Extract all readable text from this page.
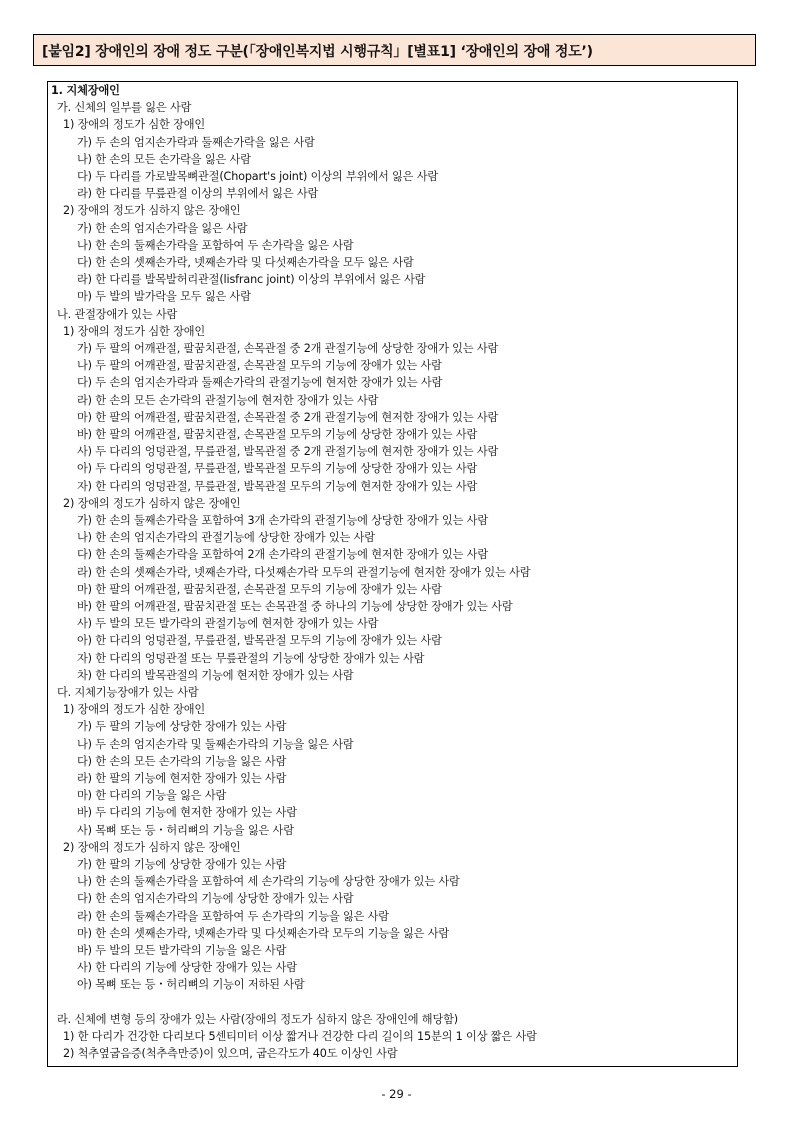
[붙임2] 장애인의 장애 정도 구분(「장애인복지법 시행규칙」[별표1] ‘장애인의 장애 정도’)
1. 지체장애인
가. 신체의 일부를 잃은 사람
1) 장애의 정도가 심한 장애인
가) 두 손의 엄지손가락과 둘째손가락을 잃은 사람
나) 한 손의 모든 손가락을 잃은 사람
다) 두 다리를 가로발목뼈관절(Chopart's joint) 이상의 부위에서 잃은 사람
라) 한 다리를 무릎관절 이상의 부위에서 잃은 사람
2) 장애의 정도가 심하지 않은 장애인
가) 한 손의 엄지손가락을 잃은 사람
나) 한 손의 둘째손가락을 포함하여 두 손가락을 잃은 사람
다) 한 손의 셋째손가락, 넷째손가락 및 다섯째손가락을 모두 잃은 사람
라) 한 다리를 발목발허리관절(lisfranc joint) 이상의 부위에서 잃은 사람
마) 두 발의 발가락을 모두 잃은 사람
나. 관절장애가 있는 사람
1) 장애의 정도가 심한 장애인
가) 두 팔의 어깨관절, 팔꿈치관절, 손목관절 중 2개 관절기능에 상당한 장애가 있는 사람
나) 두 팔의 어깨관절, 팔꿈치관절, 손목관절 모두의 기능에 장애가 있는 사람
다) 두 손의 엄지손가락과 둘째손가락의 관절기능에 현저한 장애가 있는 사람
라) 한 손의 모든 손가락의 관절기능에 현저한 장애가 있는 사람
마) 한 팔의 어깨관절, 팔꿈치관절, 손목관절 중 2개 관절기능에 현저한 장애가 있는 사람
바) 한 팔의 어깨관절, 팔꿈치관절, 손목관절 모두의 기능에 상당한 장애가 있는 사람
사) 두 다리의 엉덩관절, 무릎관절, 발목관절 중 2개 관절기능에 현저한 장애가 있는 사람
아) 두 다리의 엉덩관절, 무릎관절, 발목관절 모두의 기능에 상당한 장애가 있는 사람
자) 한 다리의 엉덩관절, 무릎관절, 발목관절 모두의 기능에 현저한 장애가 있는 사람
2) 장애의 정도가 심하지 않은 장애인
가) 한 손의 둘째손가락을 포함하여 3개 손가락의 관절기능에 상당한 장애가 있는 사람
나) 한 손의 엄지손가락의 관절기능에 상당한 장애가 있는 사람
다) 한 손의 둘째손가락을 포함하여 2개 손가락의 관절기능에 현저한 장애가 있는 사람
라) 한 손의 셋째손가락, 넷째손가락, 다섯째손가락 모두의 관절기능에 현저한 장애가 있는 사람
마) 한 팔의 어깨관절, 팔꿈치관절, 손목관절 모두의 기능에 장애가 있는 사람
바) 한 팔의 어깨관절, 팔꿈치관절 또는 손목관절 중 하나의 기능에 상당한 장애가 있는 사람
사) 두 발의 모든 발가락의 관절기능에 현저한 장애가 있는 사람
아) 한 다리의 엉덩관절, 무릎관절, 발목관절 모두의 기능에 장애가 있는 사람
자) 한 다리의 엉덩관절 또는 무릎관절의 기능에 상당한 장애가 있는 사람
차) 한 다리의 발목관절의 기능에 현저한 장애가 있는 사람
다. 지체기능장애가 있는 사람
1) 장애의 정도가 심한 장애인
가) 두 팔의 기능에 상당한 장애가 있는 사람
나) 두 손의 엄지손가락 및 둘째손가락의 기능을 잃은 사람
다) 한 손의 모든 손가락의 기능을 잃은 사람
라) 한 팔의 기능에 현저한 장애가 있는 사람
마) 한 다리의 기능을 잃은 사람
바) 두 다리의 기능에 현저한 장애가 있는 사람
사) 목뼈 또는 등・허리뼈의 기능을 잃은 사람
2) 장애의 정도가 심하지 않은 장애인
가) 한 팔의 기능에 상당한 장애가 있는 사람
나) 한 손의 둘째손가락을 포함하여 세 손가락의 기능에 상당한 장애가 있는 사람
다) 한 손의 엄지손가락의 기능에 상당한 장애가 있는 사람
라) 한 손의 둘째손가락을 포함하여 두 손가락의 기능을 잃은 사람
마) 한 손의 셋째손가락, 넷째손가락 및 다섯째손가락 모두의 기능을 잃은 사람
바) 두 발의 모든 발가락의 기능을 잃은 사람
사) 한 다리의 기능에 상당한 장애가 있는 사람
아) 목뼈 또는 등・허리뼈의 기능이 저하된 사람
라. 신체에 변형 등의 장애가 있는 사람(장애의 정도가 심하지 않은 장애인에 해당함)
1) 한 다리가 건강한 다리보다 5센티미터 이상 짧거나 건강한 다리 길이의 15분의 1 이상 짧은 사람
2) 척추옆굽음증(척추측만증)이 있으며, 굽은각도가 40도 이상인 사람
- 29 -
